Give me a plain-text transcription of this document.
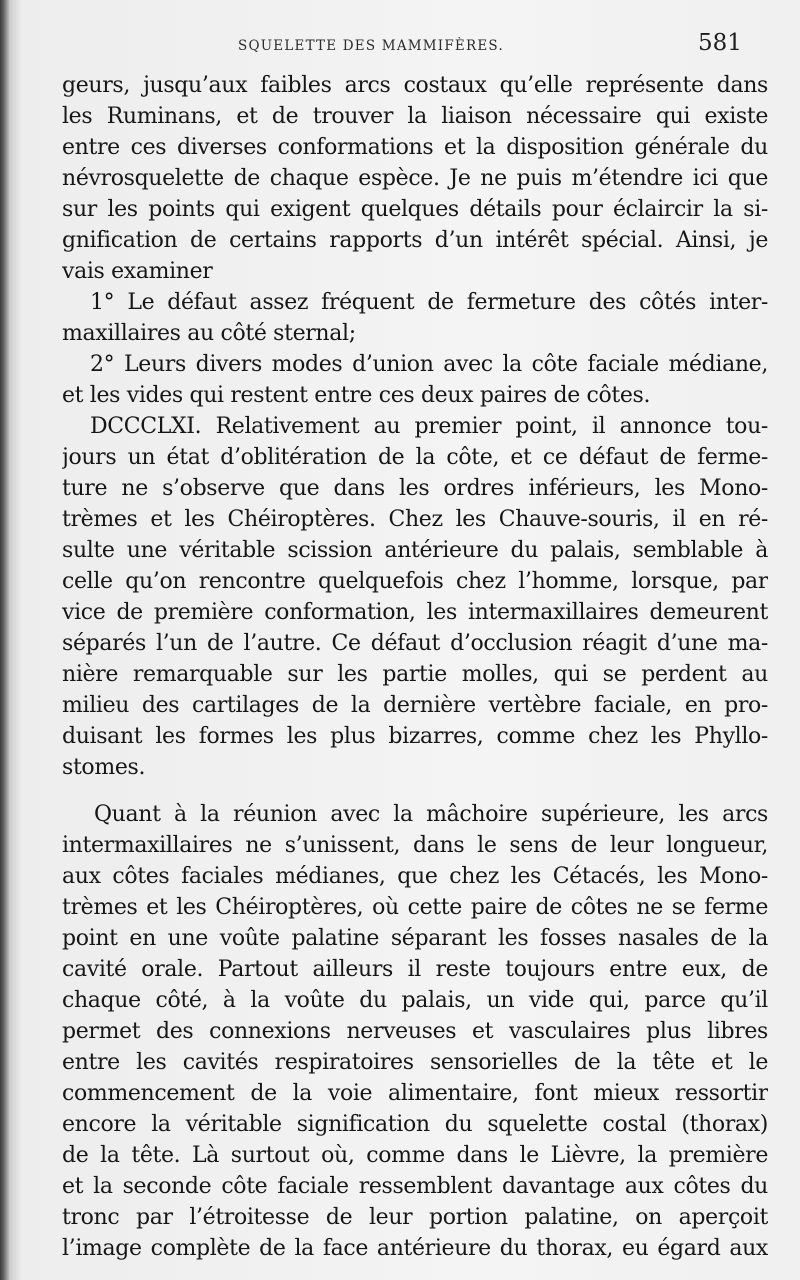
SQUELETTE DES MAMMIFÈRES.	581
geurs, jusqu’aux faibles arcs costaux qu’elle représente dans
les Ruminans, et de trouver la liaison nécessaire qui existe
entre ces diverses conformations et la disposition générale du
névrosquelette de chaque espèce. Je ne puis m’étendre ici que
sur les points qui exigent quelques détails pour éclaircir la si-
gnification de certains rapports d’un intérêt spécial. Ainsi, je
vais examiner
1° Le défaut assez fréquent de fermeture des côtés inter-
maxillaires au côté sternal;
2° Leurs divers modes d’union avec la côte faciale médiane,
et les vides qui restent entre ces deux paires de côtes.
DCCCLXI. Relativement au premier point, il annonce tou-
jours un état d’oblitération de la côte, et ce défaut de ferme-
ture ne s’observe que dans les ordres inférieurs, les Mono-
trèmes et les Chéiroptères. Chez les Chauve-souris, il en ré-
sulte une véritable scission antérieure du palais, semblable à
celle qu’on rencontre quelquefois chez l’homme, lorsque, par
vice de première conformation, les intermaxillaires demeurent
séparés l’un de l’autre. Ce défaut d’occlusion réagit d’une ma-
nière remarquable sur les partie molles, qui se perdent au
milieu des cartilages de la dernière vertèbre faciale, en pro-
duisant les formes les plus bizarres, comme chez les Phyllo-
stomes.
Quant à la réunion avec la mâchoire supérieure, les arcs
intermaxillaires ne s’unissent, dans le sens de leur longueur,
aux côtes faciales médianes, que chez les Cétacés, les Mono-
trèmes et les Chéiroptères, où cette paire de côtes ne se ferme
point en une voûte palatine séparant les fosses nasales de la
cavité orale. Partout ailleurs il reste toujours entre eux, de
chaque côté, à la voûte du palais, un vide qui, parce qu’il
permet des connexions nerveuses et vasculaires plus libres
entre les cavités respiratoires sensorielles de la tête et le
commencement de la voie alimentaire, font mieux ressortir
encore la véritable signification du squelette costal (thorax)
de la tête. Là surtout où, comme dans le Lièvre, la première
et la seconde côte faciale ressemblent davantage aux côtes du
tronc par l’étroitesse de leur portion palatine, on aperçoit
l’image complète de la face antérieure du thorax, eu égard aux
